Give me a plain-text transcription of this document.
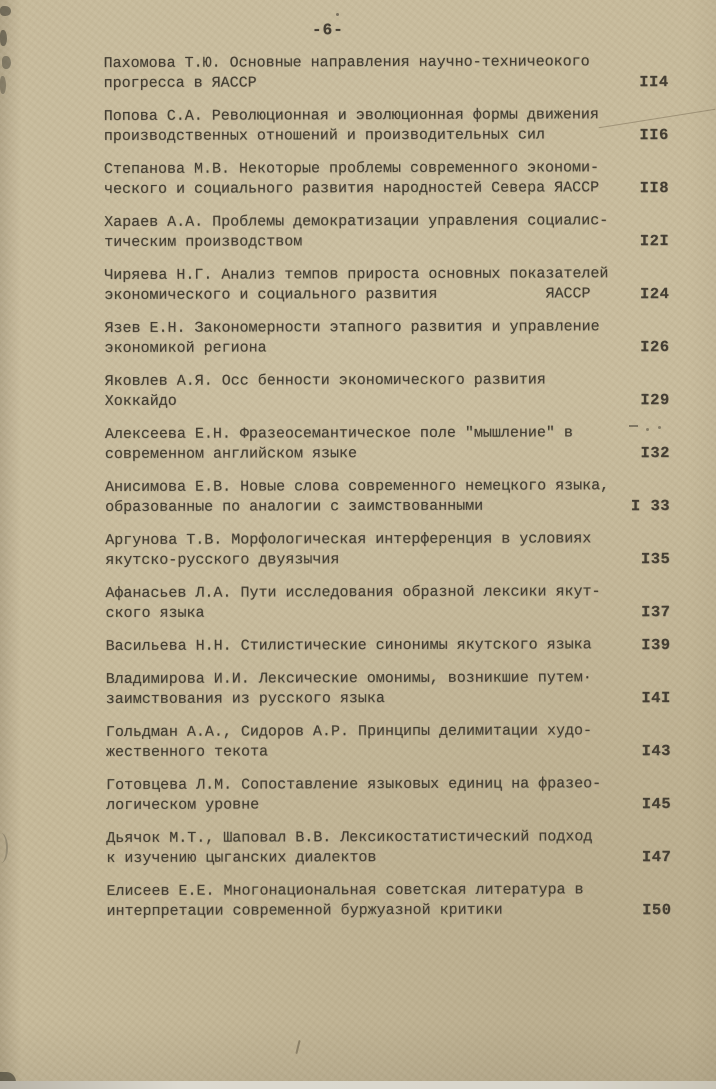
-6-
Пахомова Т.Ю. Основные направления научно-техничеокого
прогресса в ЯАССР	II4
Попова С.А. Революционная и эволюционная формы движения
производственных отношений и производительных сил	II6
Степанова М.В. Некоторые проблемы современного экономи-
ческого и социального развития народностей Севера ЯАССР	II8
Хараев А.А. Проблемы демократизации управления социалис-
тическим производством	I2I
Чиряева Н.Г. Анализ темпов прироста основных показателей
экономического и социального развития            ЯАССР	I24
Язев Е.Н. Закономерности этапного развития и управление
экономикой региона	I26
Яковлев А.Я. Осс бенности экономического развития
Хоккайдо	I29
Алексеева Е.Н. Фразеосемантическое поле "мышление" в
современном английском языке	I32
Анисимова Е.В. Новые слова современного немецкого языка,
образованные по аналогии с заимствованными	I 33
Аргунова Т.В. Морфологическая интерференция в условиях
якутско-русского двуязычия	I35
Афанасьев Л.А. Пути исследования образной лексики якут-
ского языка	I37
Васильева Н.Н. Стилистические синонимы якутского языка	I39
Владимирова И.И. Лексические омонимы, возникшие путем·
заимствования из русского языка	I4I
Гольдман А.А., Сидоров А.Р. Принципы делимитации худо-
жественного текота	I43
Готовцева Л.М. Сопоставление языковых единиц на фразео-
логическом уровне	I45
Дьячок М.Т., Шаповал В.В. Лексикостатистический подход
к изучению цыганских диалектов	I47
Елисеев Е.Е. Многонациональная советская литература в
интерпретации современной буржуазной критики	I50
